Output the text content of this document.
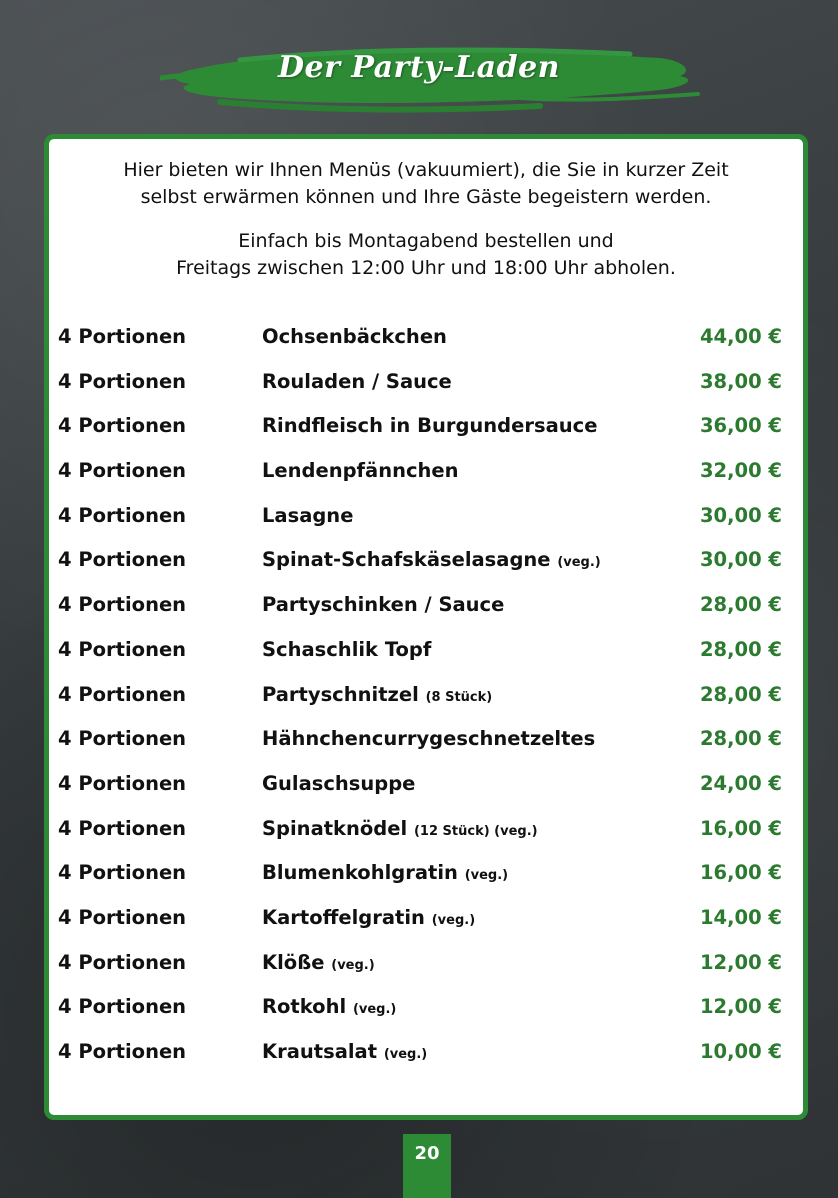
Der Party-Laden
Hier bieten wir Ihnen Menüs (vakuumiert), die Sie in kurzer Zeit
selbst erwärmen können und Ihre Gäste begeistern werden.
Einfach bis Montagabend bestellen und
Freitags zwischen 12:00 Uhr und 18:00 Uhr abholen.
4 Portionen	Ochsenbäckchen	44,00 €
4 Portionen	Rouladen / Sauce	38,00 €
4 Portionen	Rindfleisch in Burgundersauce	36,00 €
4 Portionen	Lendenpfännchen	32,00 €
4 Portionen	Lasagne	30,00 €
4 Portionen	Spinat-Schafskäselasagne (veg.)	30,00 €
4 Portionen	Partyschinken / Sauce	28,00 €
4 Portionen	Schaschlik Topf	28,00 €
4 Portionen	Partyschnitzel (8 Stück)	28,00 €
4 Portionen	Hähnchencurrygeschnetzeltes	28,00 €
4 Portionen	Gulaschsuppe	24,00 €
4 Portionen	Spinatknödel (12 Stück) (veg.)	16,00 €
4 Portionen	Blumenkohlgratin (veg.)	16,00 €
4 Portionen	Kartoffelgratin (veg.)	14,00 €
4 Portionen	Klöße (veg.)	12,00 €
4 Portionen	Rotkohl (veg.)	12,00 €
4 Portionen	Krautsalat (veg.)	10,00 €
20
